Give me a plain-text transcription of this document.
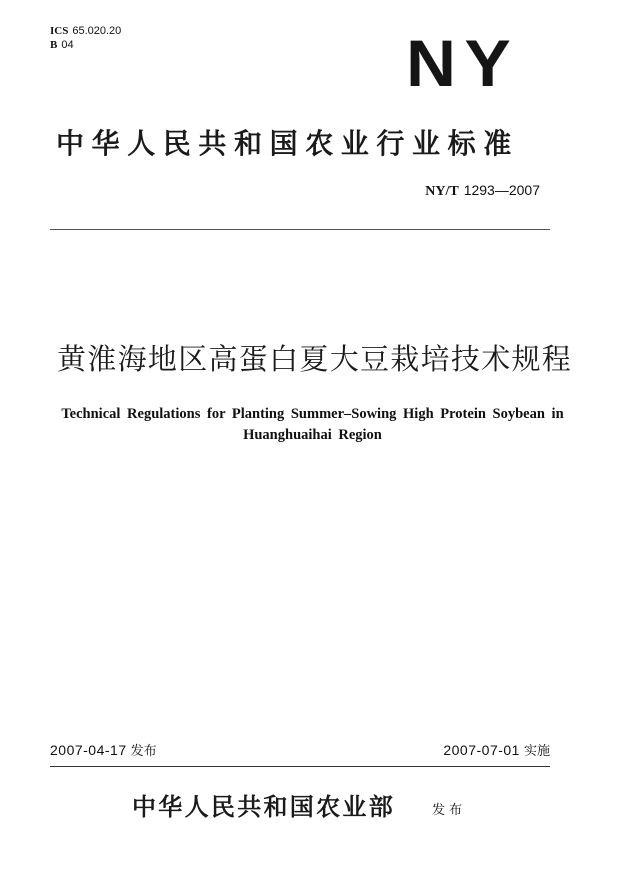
ICS 65.020.20
B 04	NY
中华人民共和国农业行业标准
NY/T 1293—2007
黄淮海地区高蛋白夏大豆栽培技术规程
Technical Regulations for Planting Summer–Sowing High Protein Soybean in
Huanghuaihai Region
2007-04-17 发布	2007-07-01 实施
中华人民共和国农业部	发布
